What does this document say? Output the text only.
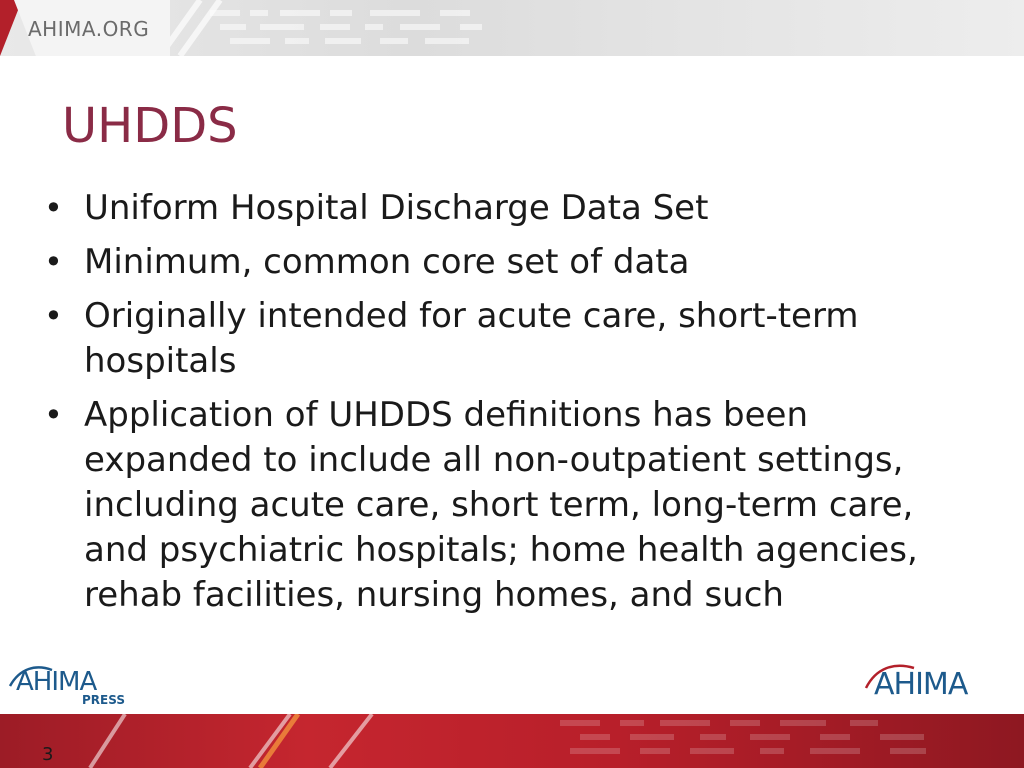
AHIMA.ORG
UHDDS
• Uniform Hospital Discharge Data Set
• Minimum, common core set of data
• Originally intended for acute care, short-term hospitals
• Application of UHDDS definitions has been expanded to include all non-outpatient settings, including acute care, short term, long-term care, and psychiatric hospitals; home health agencies, rehab facilities, nursing homes, and such
AHIMA
PRESS	AHIMA
3
